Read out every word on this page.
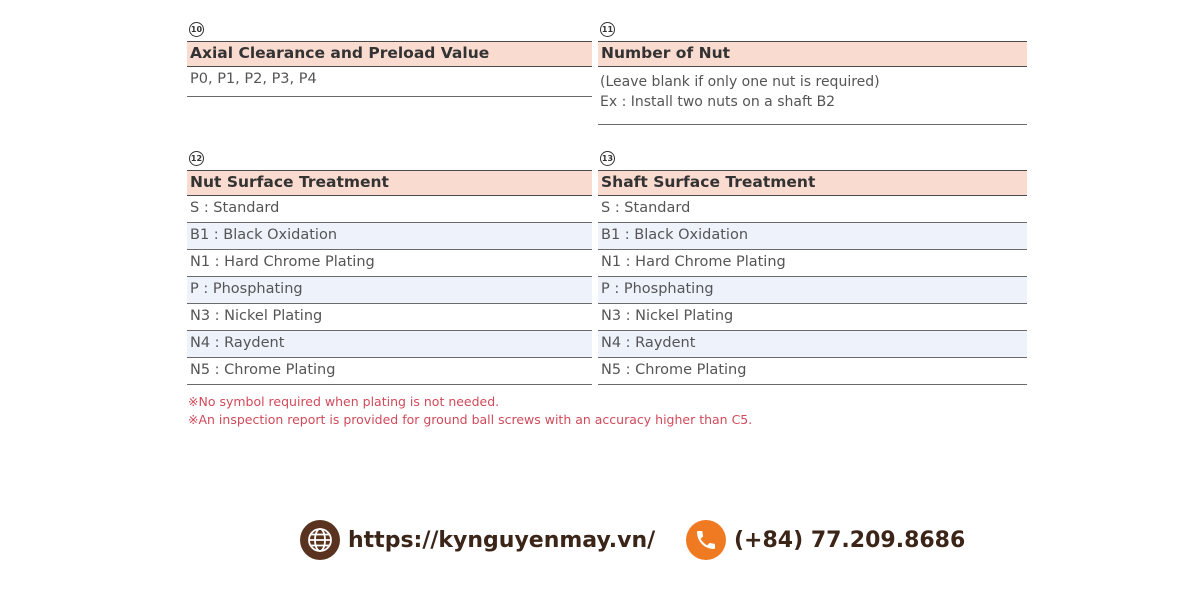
10
Axial Clearance and Preload Value
P0, P1, P2, P3, P4
11
Number of Nut
(Leave blank if only one nut is required)
Ex : Install two nuts on a shaft B2
12
Nut Surface Treatment
S : Standard
B1 : Black Oxidation
N1 : Hard Chrome Plating
P : Phosphating
N3 : Nickel Plating
N4 : Raydent
N5 : Chrome Plating
13
Shaft Surface Treatment
S : Standard
B1 : Black Oxidation
N1 : Hard Chrome Plating
P : Phosphating
N3 : Nickel Plating
N4 : Raydent
N5 : Chrome Plating
※No symbol required when plating is not needed.
※An inspection report is provided for ground ball screws with an accuracy higher than C5.
https://kynguyenmay.vn/	(+84) 77.209.8686
